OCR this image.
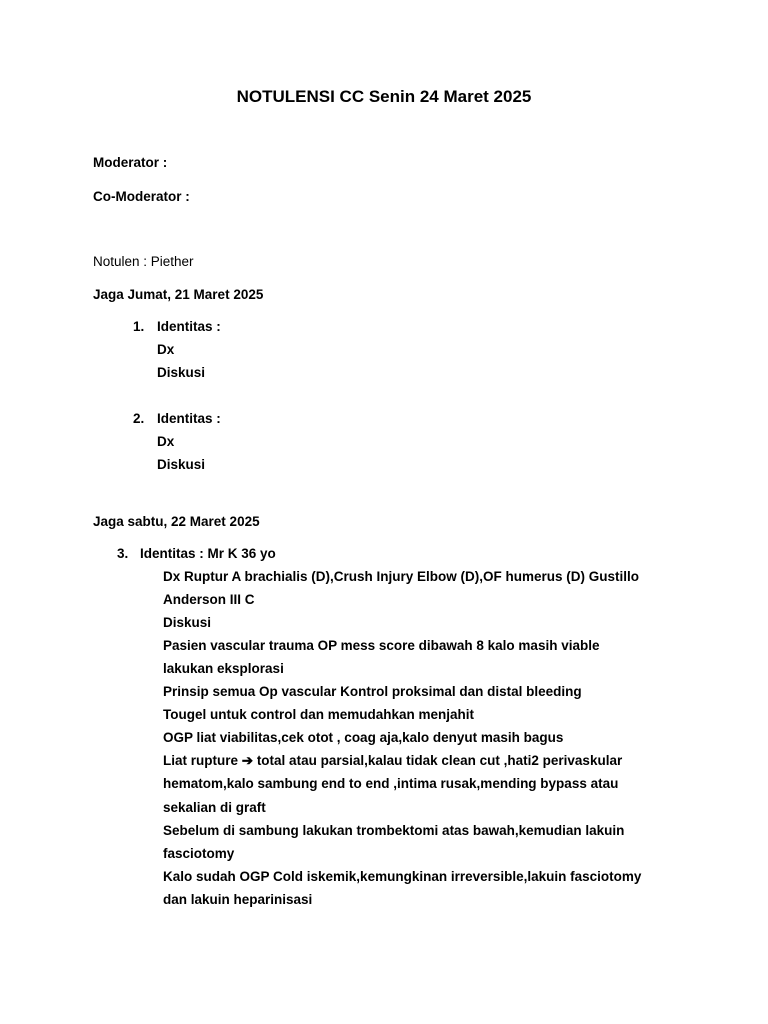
NOTULENSI CC Senin 24 Maret 2025
Moderator :
Co-Moderator :
Notulen : Piether
Jaga Jumat, 21 Maret 2025
1. Identitas :
Dx
Diskusi
2. Identitas :
Dx
Diskusi
Jaga sabtu, 22 Maret 2025
3. Identitas : Mr K 36 yo
Dx Ruptur A brachialis (D),Crush Injury Elbow (D),OF humerus (D) Gustillo
Anderson III C
Diskusi
Pasien vascular trauma OP mess score dibawah 8 kalo masih viable
lakukan eksplorasi
Prinsip semua Op vascular Kontrol proksimal dan distal bleeding
Tougel untuk control dan memudahkan menjahit
OGP liat viabilitas,cek otot , coag aja,kalo denyut masih bagus
Liat rupture ➔ total atau parsial,kalau tidak clean cut ,hati2 perivaskular
hematom,kalo sambung end to end ,intima rusak,mending bypass atau
sekalian di graft
Sebelum di sambung lakukan trombektomi atas bawah,kemudian lakuin
fasciotomy
Kalo sudah OGP Cold iskemik,kemungkinan irreversible,lakuin fasciotomy
dan lakuin heparinisasi
